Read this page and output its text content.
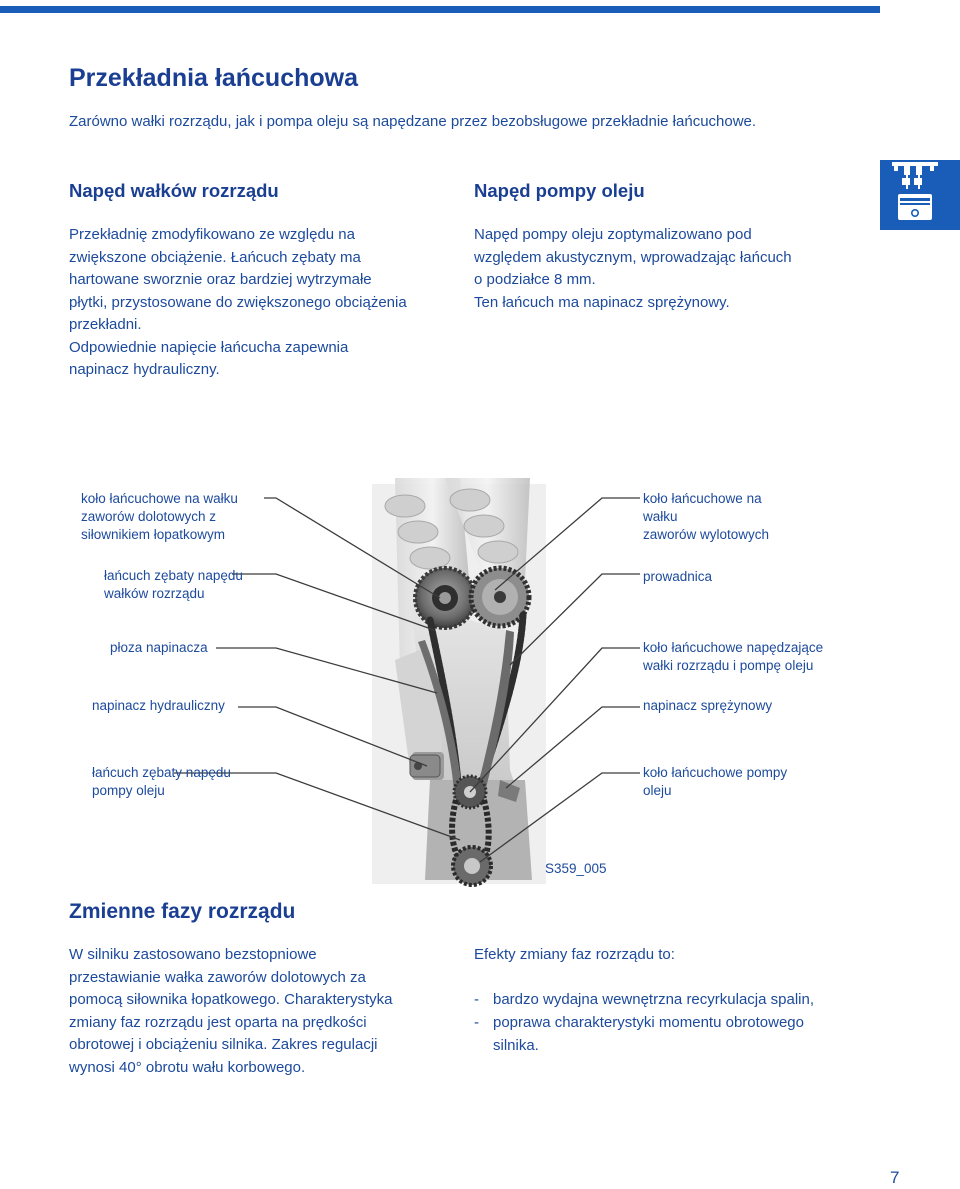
Przekładnia łańcuchowa
Zarówno wałki rozrządu, jak i pompa oleju są napędzane przez bezobsługowe przekładnie łańcuchowe.
Napęd wałków rozrządu

Przekładnię zmodyfikowano ze względu na
zwiększone obciążenie. Łańcuch zębaty ma
hartowane sworznie oraz bardziej wytrzymałe
płytki, przystosowane do zwiększonego obciążenia
przekładni.
Odpowiednie napięcie łańcucha zapewnia
napinacz hydrauliczny.

Napęd pompy oleju

Napęd pompy oleju zoptymalizowano pod
względem akustycznym, wprowadzając łańcuch
o podziałce 8 mm.
Ten łańcuch ma napinacz sprężynowy.

koło łańcuchowe na wałku
zaworów dolotowych z
siłownikiem łopatkowym
łańcuch zębaty napędu
wałków rozrządu
płoza napinacza
napinacz hydrauliczny
łańcuch zębaty napędu
pompy oleju
koło łańcuchowe na
wałku
zaworów wylotowych
prowadnica
koło łańcuchowe napędzające
wałki rozrządu i pompę oleju
napinacz sprężynowy
koło łańcuchowe pompy
oleju
S359_005
Zmienne fazy rozrządu

W silniku zastosowano bezstopniowe
przestawianie wałka zaworów dolotowych za
pomocą siłownika łopatkowego. Charakterystyka
zmiany faz rozrządu jest oparta na prędkości
obrotowej i obciążeniu silnika. Zakres regulacji
wynosi 40° obrotu wału korbowego.

Efekty zmiany faz rozrządu to:

- bardzo wydajna wewnętrzna recyrkulacja spalin,
- poprawa charakterystyki momentu obrotowego
silnika.
7
